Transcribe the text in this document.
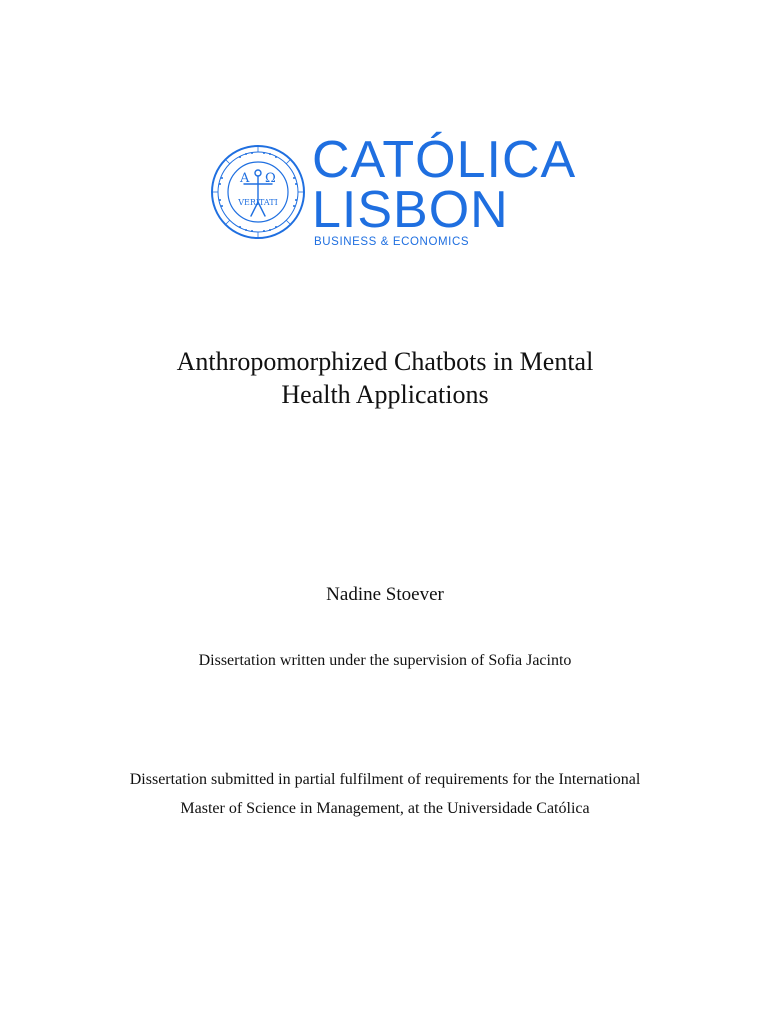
A Ω
VERITATI
CATÓLICA
LISBON
BUSINESS & ECONOMICS
Anthropomorphized Chatbots in Mental
Health Applications
Nadine Stoever
Dissertation written under the supervision of Sofia Jacinto
Dissertation submitted in partial fulfilment of requirements for the International
Master of Science in Management, at the Universidade Católica
